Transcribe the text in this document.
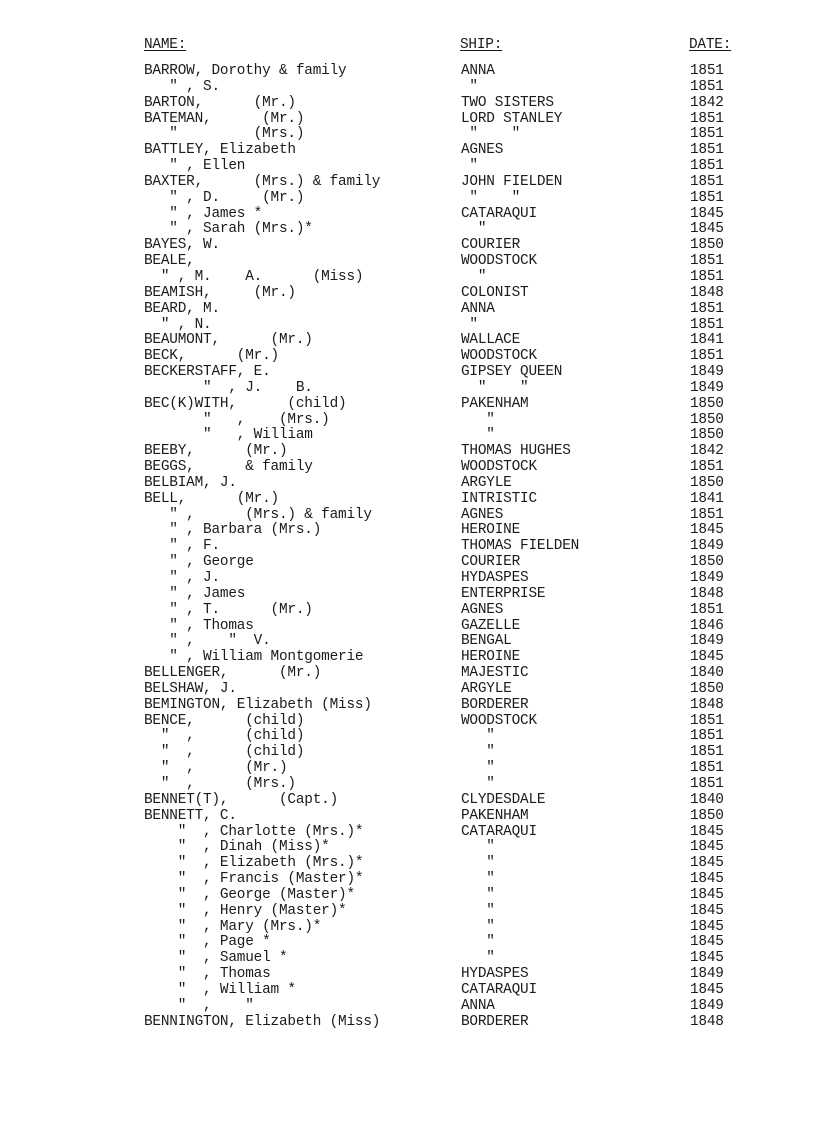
NAME:	SHIP:	DATE:
BARROW, Dorothy & family	ANNA	1851
" , S.	"	1851
BARTON,      (Mr.)	TWO SISTERS	1842
BATEMAN,      (Mr.)	LORD STANLEY	1851
"         (Mrs.)	"    "	1851
BATTLEY, Elizabeth	AGNES	1851
" , Ellen	"	1851
BAXTER,      (Mrs.) & family	JOHN FIELDEN	1851
" , D.     (Mr.)	"    "	1851
" , James *	CATARAQUI	1845
" , Sarah (Mrs.)*	"	1845
BAYES, W.	COURIER	1850
BEALE,	WOODSTOCK	1851
" , M.    A.      (Miss)	"	1851
BEAMISH,     (Mr.)	COLONIST	1848
BEARD, M.	ANNA	1851
" , N.	"	1851
BEAUMONT,      (Mr.)	WALLACE	1841
BECK,      (Mr.)	WOODSTOCK	1851
BECKERSTAFF, E.	GIPSEY QUEEN	1849
"  , J.    B.	"    "	1849
BEC(K)WITH,      (child)	PAKENHAM	1850
"   ,    (Mrs.)	"	1850
"   , William	"	1850
BEEBY,      (Mr.)	THOMAS HUGHES	1842
BEGGS,      & family	WOODSTOCK	1851
BELBIAM, J.	ARGYLE	1850
BELL,      (Mr.)	INTRISTIC	1841
" ,      (Mrs.) & family	AGNES	1851
" , Barbara (Mrs.)	HEROINE	1845
" , F.	THOMAS FIELDEN	1849
" , George	COURIER	1850
" , J.	HYDASPES	1849
" , James	ENTERPRISE	1848
" , T.      (Mr.)	AGNES	1851
" , Thomas	GAZELLE	1846
" ,    "  V.	BENGAL	1849
" , William Montgomerie	HEROINE	1845
BELLENGER,      (Mr.)	MAJESTIC	1840
BELSHAW, J.	ARGYLE	1850
BEMINGTON, Elizabeth (Miss)	BORDERER	1848
BENCE,      (child)	WOODSTOCK	1851
"  ,      (child)	"	1851
"  ,      (child)	"	1851
"  ,      (Mr.)	"	1851
"  ,      (Mrs.)	"	1851
BENNET(T),      (Capt.)	CLYDESDALE	1840
BENNETT, C.	PAKENHAM	1850
"  , Charlotte (Mrs.)*	CATARAQUI	1845
"  , Dinah (Miss)*	"	1845
"  , Elizabeth (Mrs.)*	"	1845
"  , Francis (Master)*	"	1845
"  , George (Master)*	"	1845
"  , Henry (Master)*	"	1845
"  , Mary (Mrs.)*	"	1845
"  , Page *	"	1845
"  , Samuel *	"	1845
"  , Thomas	HYDASPES	1849
"  , William *	CATARAQUI	1845
"  ,    "	ANNA	1849
BENNINGTON, Elizabeth (Miss)	BORDERER	1848
